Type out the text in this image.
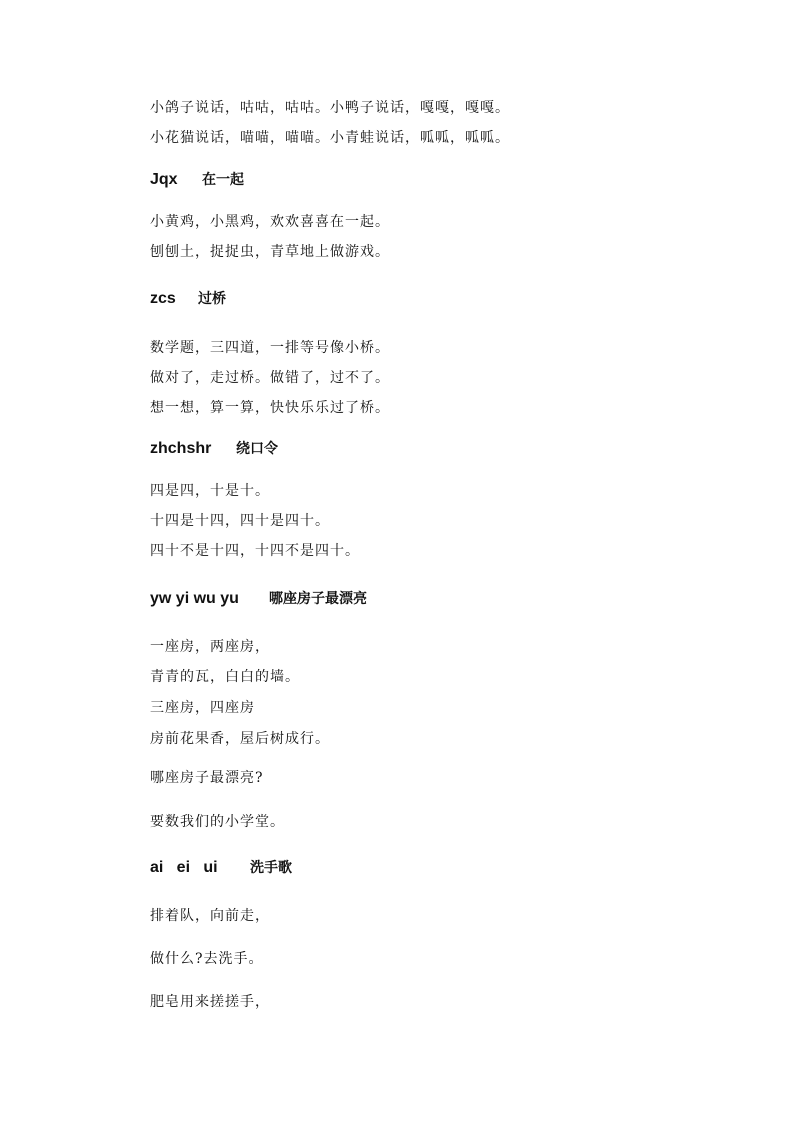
小鸽子说话，咕咕，咕咕。小鸭子说话，嘎嘎，嘎嘎。
小花猫说话，喵喵，喵喵。小青蛙说话，呱呱，呱呱。
Jqx 在一起
小黄鸡，小黑鸡，欢欢喜喜在一起。
刨刨土，捉捉虫，青草地上做游戏。
zcs 过桥
数学题，三四道，一排等号像小桥。
做对了，走过桥。做错了，过不了。
想一想，算一算，快快乐乐过了桥。
zhchshr 绕口令
四是四，十是十。
十四是十四，四十是四十。
四十不是十四，十四不是四十。
yw yi wu yu 哪座房子最漂亮
一座房，两座房，
青青的瓦，白白的墙。
三座房，四座房
房前花果香，屋后树成行。
哪座房子最漂亮?
要数我们的小学堂。
ai   ei   ui 洗手歌
排着队，向前走，
做什么?去洗手。
肥皂用来搓搓手，
